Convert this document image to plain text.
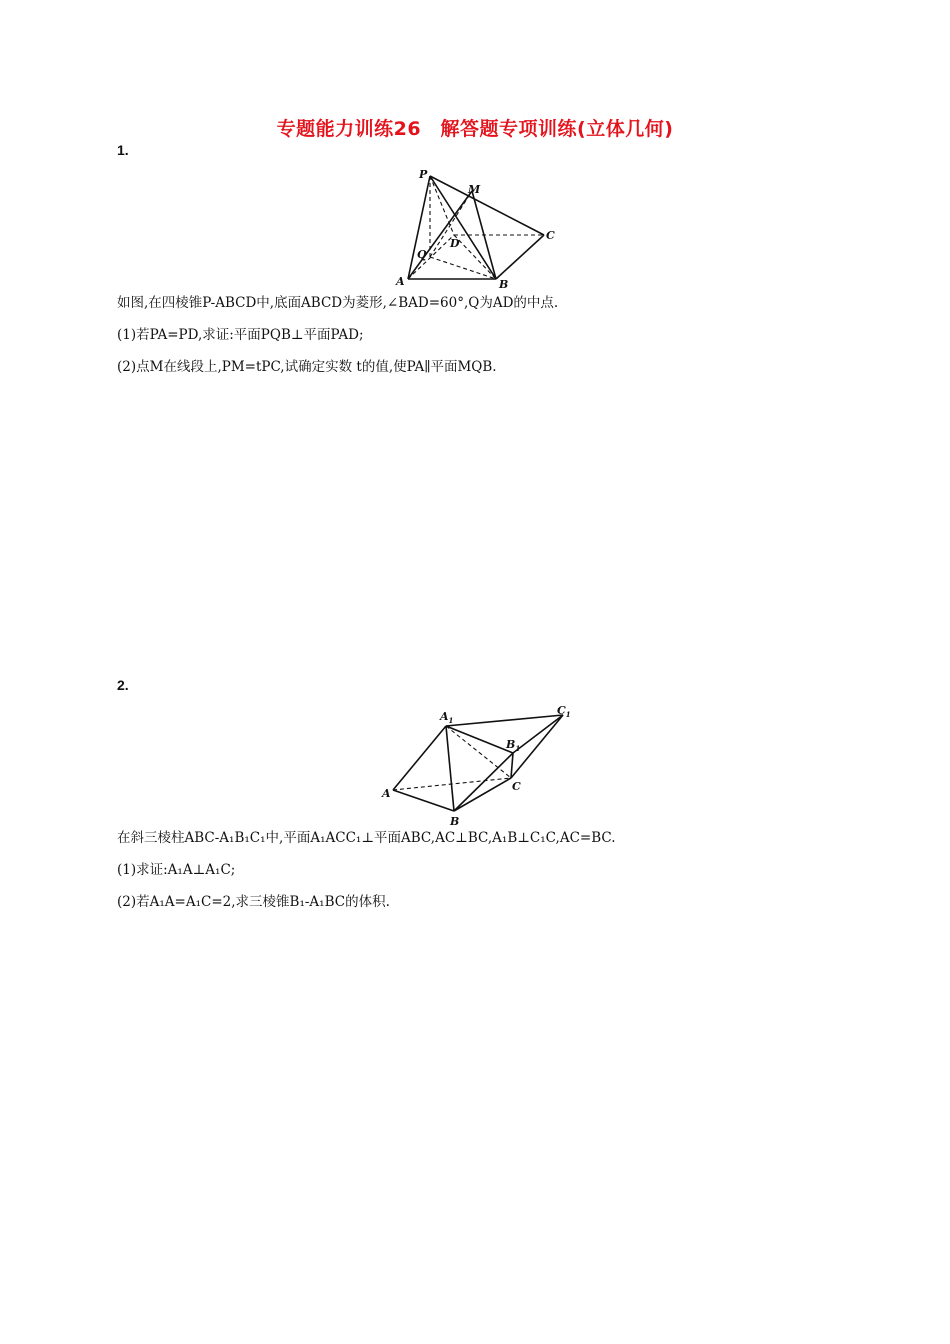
专题能力训练26　解答题专项训练(立体几何)
1.
P
M
D
C
Q
A	B
如图,在四棱锥P-ABCD中,底面ABCD为菱形,∠BAD=60°,Q为AD的中点.
(1)若PA=PD,求证:平面PQB⊥平面PAD;
(2)点M在线段上,PM=tPC,试确定实数 t的值,使PA∥平面MQB.
2.
$A_1$
$C_1$
$B_1$
A
B
C
在斜三棱柱ABC-A₁B₁C₁中,平面A₁ACC₁⊥平面ABC,AC⊥BC,A₁B⊥C₁C,AC=BC.
(1)求证:A₁A⊥A₁C;
(2)若A₁A=A₁C=2,求三棱锥B₁-A₁BC的体积.
